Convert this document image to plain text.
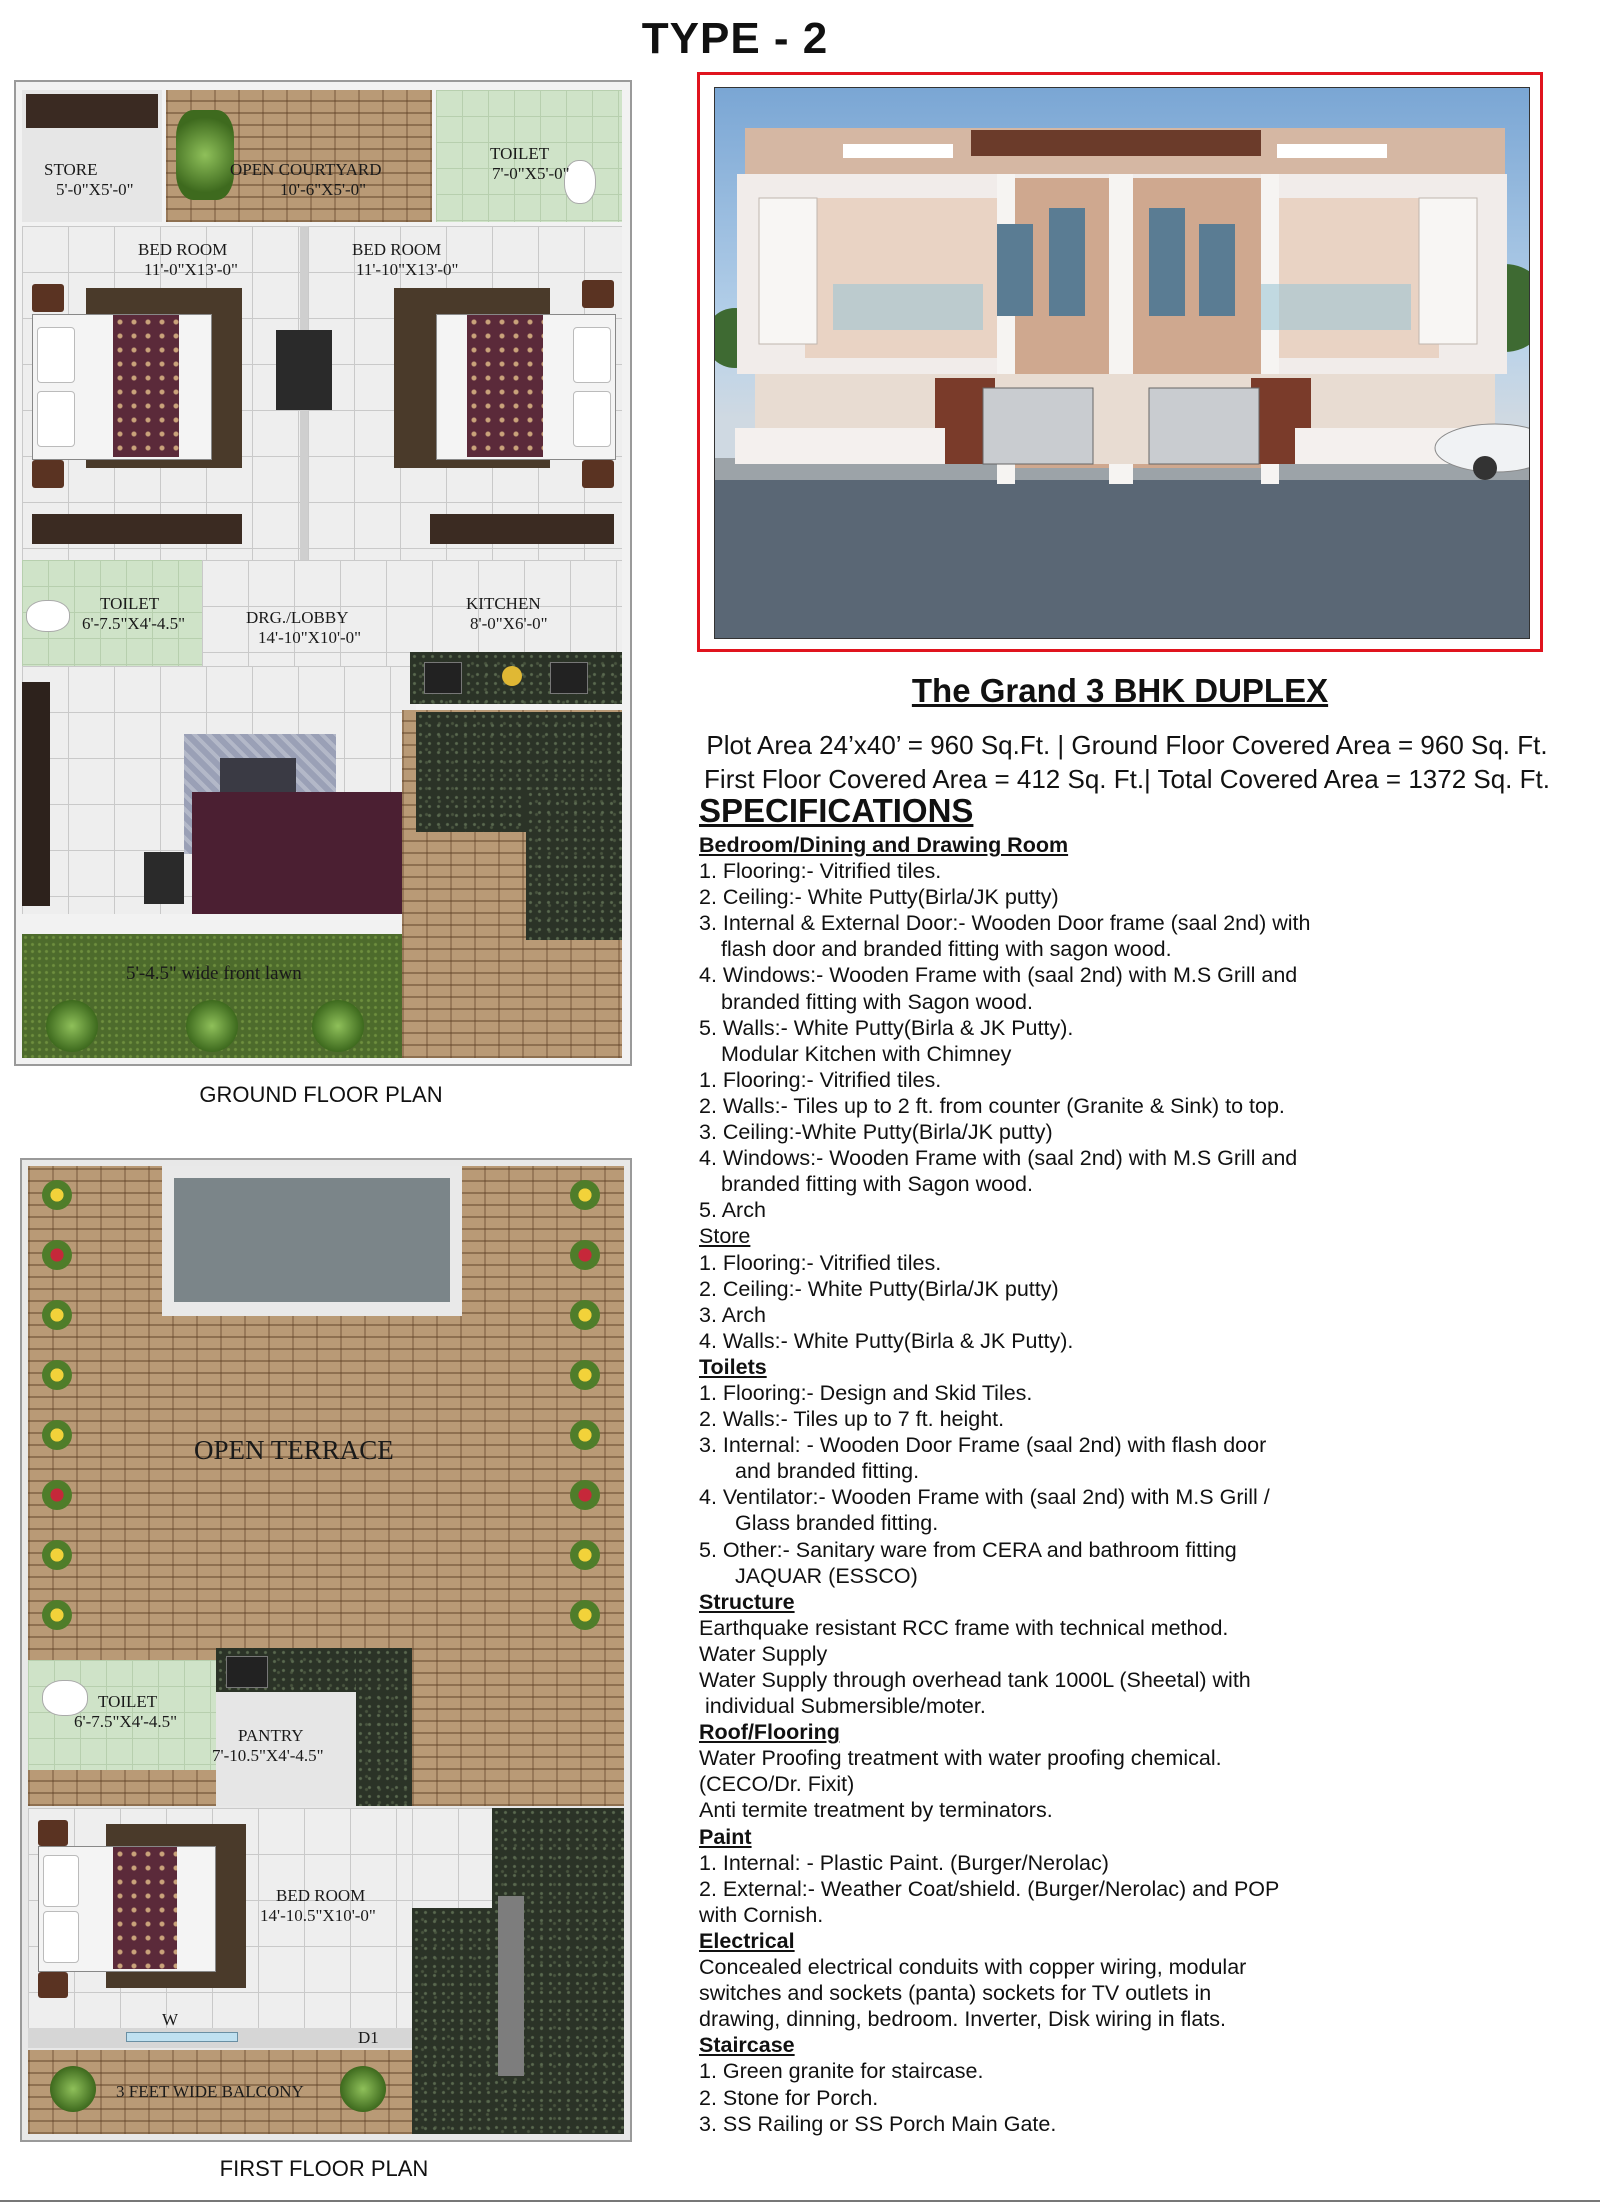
TYPE - 2
STORE
5'-0"X5'-0"
OPEN COURTYARD
10'-6"X5'-0"
TOILET
7'-0"X5'-0"
BED ROOM
11'-0"X13'-0"
BED ROOM
11'-10"X13'-0"
TOILET
6'-7.5"X4'-4.5"	DRG./LOBBY
14'-10"X10'-0"
KITCHEN
8'-0"X6'-0"
5'-4.5" wide front lawn
GROUND FLOOR PLAN
OPEN TERRACE
TOILET
6'-7.5"X4'-4.5"
PANTRY
7'-10.5"X4'-4.5"
BED ROOM
14'-10.5"X10'-0"
W
D1
3 FEET WIDE BALCONY
FIRST FLOOR PLAN
The Grand 3 BHK DUPLEX
Plot Area 24’x40’ = 960 Sq.Ft. | Ground Floor Covered Area = 960 Sq. Ft.
First Floor Covered Area = 412 Sq. Ft.| Total Covered Area = 1372 Sq. Ft.
SPECIFICATIONS
Bedroom/Dining and Drawing Room
1. Flooring:- Vitrified tiles.
2. Ceiling:- White Putty(Birla/JK putty)
3. Internal & External Door:- Wooden Door frame (saal 2nd) with
flash door and branded fitting with sagon wood.
4. Windows:- Wooden Frame with (saal 2nd) with M.S Grill and
branded fitting with Sagon wood.
5. Walls:- White Putty(Birla & JK Putty).
Modular Kitchen with Chimney
1. Flooring:- Vitrified tiles.
2. Walls:- Tiles up to 2 ft. from counter (Granite & Sink) to top.
3. Ceiling:-White Putty(Birla/JK putty)
4. Windows:- Wooden Frame with (saal 2nd) with M.S Grill and
branded fitting with Sagon wood.
5. Arch
Store
1. Flooring:- Vitrified tiles.
2. Ceiling:- White Putty(Birla/JK putty)
3. Arch
4. Walls:- White Putty(Birla & JK Putty).
Toilets
1. Flooring:- Design and Skid Tiles.
2. Walls:- Tiles up to 7 ft. height.
3. Internal: - Wooden Door Frame (saal 2nd) with flash door
and branded fitting.
4. Ventilator:- Wooden Frame with (saal 2nd) with M.S Grill /
Glass branded fitting.
5. Other:- Sanitary ware from CERA and bathroom fitting
JAQUAR (ESSCO)
Structure
Earthquake resistant RCC frame with technical method.
Water Supply
Water Supply through overhead tank 1000L (Sheetal) with
individual Submersible/moter.
Roof/Flooring
Water Proofing treatment with water proofing chemical.
(CECO/Dr. Fixit)
Anti termite treatment by terminators.
Paint
1. Internal: - Plastic Paint. (Burger/Nerolac)
2. External:- Weather Coat/shield. (Burger/Nerolac) and POP
with Cornish.
Electrical
Concealed electrical conduits with copper wiring, modular
switches and sockets (panta) sockets for TV outlets in
drawing, dinning, bedroom. Inverter, Disk wiring in flats.
Staircase
1. Green granite for staircase.
2. Stone for Porch.
3. SS Railing or SS Porch Main Gate.
